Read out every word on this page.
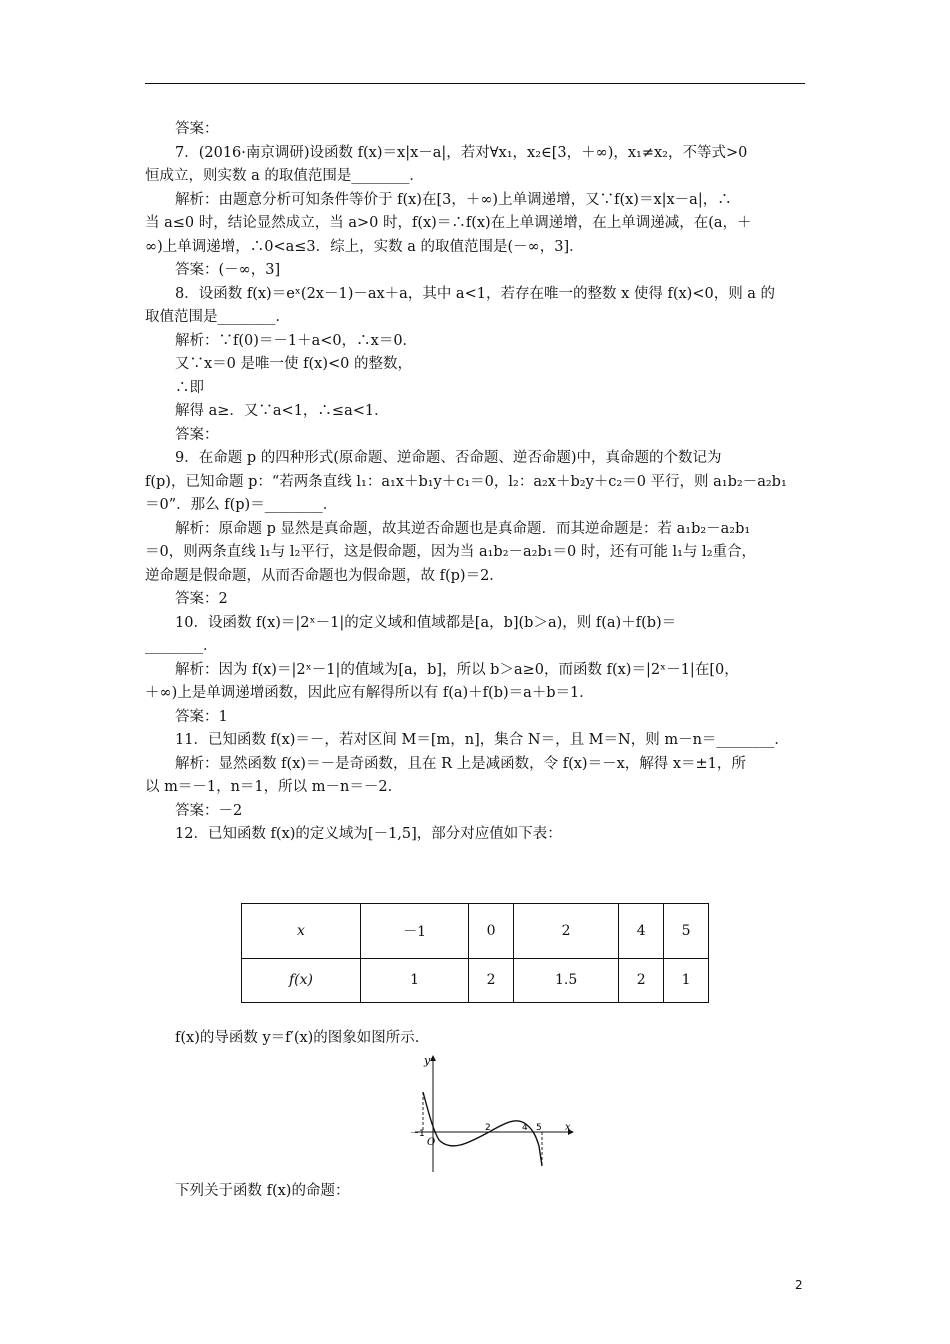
答案：
7．(2016·南京调研)设函数 f(x)＝x|x－a|，若对∀x₁，x₂∈[3，＋∞)，x₁≠x₂，不等式>0
恒成立，则实数 a 的取值范围是________．
解析：由题意分析可知条件等价于 f(x)在[3，＋∞)上单调递增，又∵f(x)＝x|x－a|，∴
当 a≤0 时，结论显然成立，当 a>0 时，f(x)＝∴f(x)在上单调递增，在上单调递减，在(a，＋
∞)上单调递增，∴0<a≤3．综上，实数 a 的取值范围是(－∞，3]．
答案：(－∞，3]
8．设函数 f(x)＝eˣ(2x－1)－ax＋a，其中 a<1，若存在唯一的整数 x 使得 f(x)<0，则 a 的
取值范围是________．
解析：∵f(0)＝－1＋a<0，∴x＝0．
又∵x＝0 是唯一使 f(x)<0 的整数，
∴即
解得 a≥．又∵a<1，∴≤a<1．
答案：
9．在命题 p 的四种形式(原命题、逆命题、否命题、逆否命题)中，真命题的个数记为
f(p)，已知命题 p：“若两条直线 l₁：a₁x＋b₁y＋c₁＝0，l₂：a₂x＋b₂y＋c₂＝0 平行，则 a₁b₂－a₂b₁
＝0”．那么 f(p)＝________．
解析：原命题 p 显然是真命题，故其逆否命题也是真命题．而其逆命题是：若 a₁b₂－a₂b₁
＝0，则两条直线 l₁与 l₂平行，这是假命题，因为当 a₁b₂－a₂b₁＝0 时，还有可能 l₁与 l₂重合，
逆命题是假命题，从而否命题也为假命题，故 f(p)＝2．
答案：2
10．设函数 f(x)＝|2ˣ－1|的定义域和值域都是[a，b](b＞a)，则 f(a)＋f(b)＝
________．
解析：因为 f(x)＝|2ˣ－1|的值域为[a，b]，所以 b＞a≥0，而函数 f(x)＝|2ˣ－1|在[0，
＋∞)上是单调递增函数，因此应有解得所以有 f(a)＋f(b)＝a＋b＝1．
答案：1
11．已知函数 f(x)＝－，若对区间 M＝[m，n]，集合 N＝，且 M＝N，则 m－n＝________．
解析：显然函数 f(x)＝－是奇函数，且在 R 上是减函数，令 f(x)＝－x，解得 x＝±1，所
以 m＝－1，n＝1，所以 m－n＝－2．
答案：－2
12．已知函数 f(x)的定义域为[－1,5]，部分对应值如下表：
x	－1	0	2	4	5
f(x)	1	2	1.5	2	1
f(x)的导函数 y＝f′(x)的图象如图所示．
y
x
O
－1
2	4 5
下列关于函数 f(x)的命题：
2
